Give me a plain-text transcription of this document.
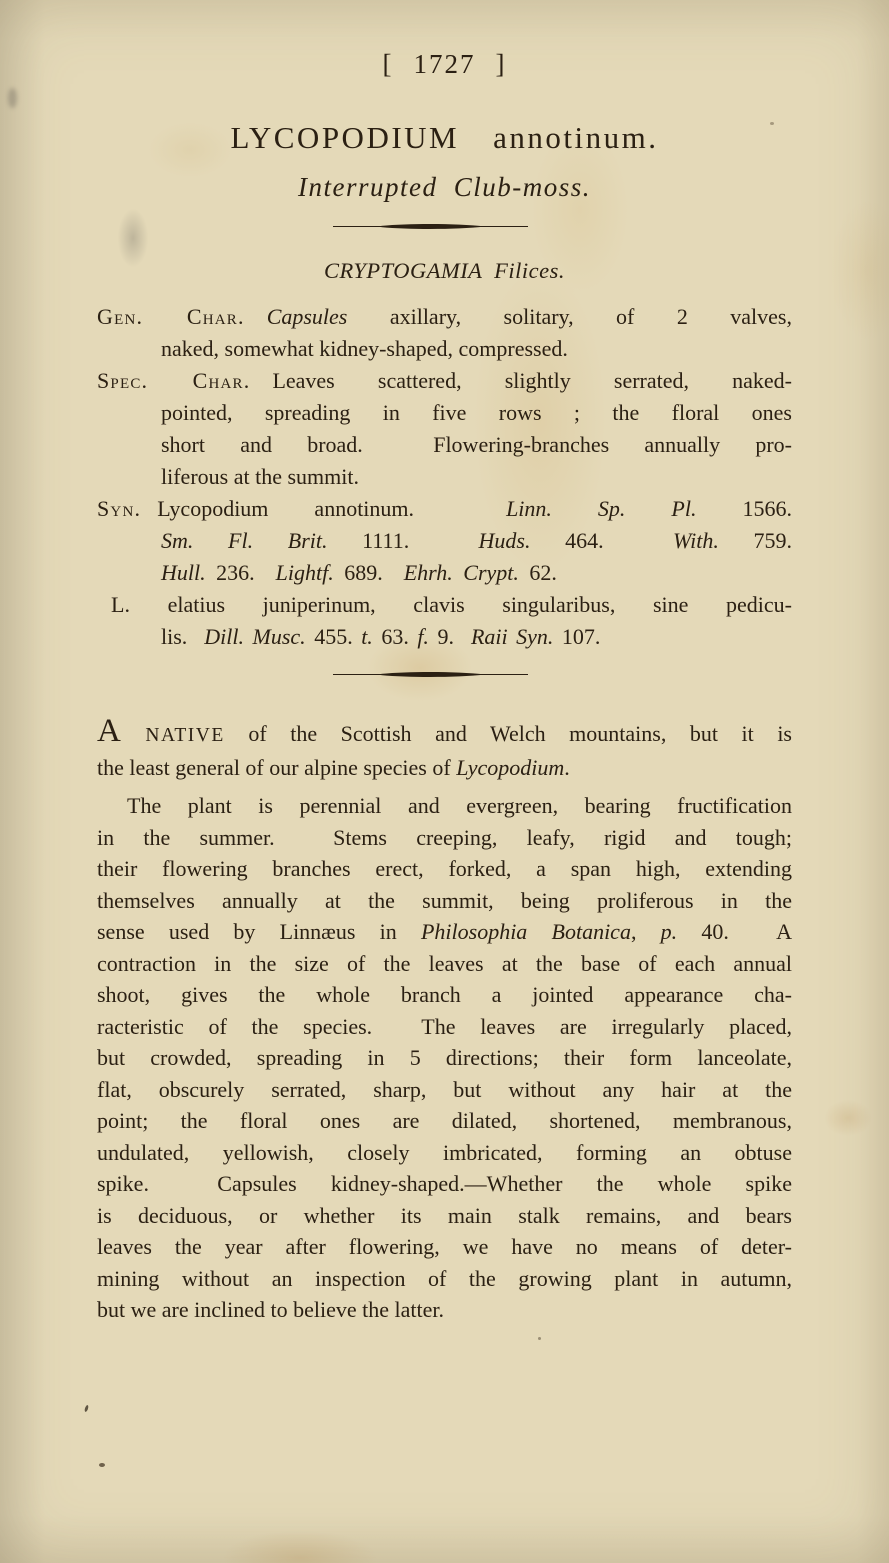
[ 1727 ]
LYCOPODIUM annotinum.
Interrupted Club-moss.
CRYPTOGAMIA Filices.
Gen. Char. Capsules axillary, solitary, of 2 valves,
naked, somewhat kidney-shaped, compressed.
Spec. Char. Leaves scattered, slightly serrated, naked-
pointed, spreading in five rows ; the floral ones
short and broad.  Flowering-branches annually pro-
liferous at the summit.
Syn. Lycopodium annotinum.  Linn. Sp. Pl. 1566.
Sm. Fl. Brit. 1111.  Huds. 464.  With. 759.
Hull. 236.  Lightf. 689.  Ehrh. Crypt. 62.
L. elatius juniperinum, clavis singularibus, sine pedicu-
lis.  Dill. Musc. 455. t. 63. f. 9.  Raii Syn. 107.
A NATIVE of the Scottish and Welch mountains, but it is
the least general of our alpine species of Lycopodium.
The plant is perennial and evergreen, bearing fructification
in the summer.  Stems creeping, leafy, rigid and tough;
their flowering branches erect, forked, a span high, extending
themselves annually at the summit, being proliferous in the
sense used by Linnæus in Philosophia Botanica, p. 40.  A
contraction in the size of the leaves at the base of each annual
shoot, gives the whole branch a jointed appearance cha-
racteristic of the species.  The leaves are irregularly placed,
but crowded, spreading in 5 directions; their form lanceolate,
flat, obscurely serrated, sharp, but without any hair at the
point; the floral ones are dilated, shortened, membranous,
undulated, yellowish, closely imbricated, forming an obtuse
spike.  Capsules kidney-shaped.—Whether the whole spike
is deciduous, or whether its main stalk remains, and bears
leaves the year after flowering, we have no means of deter-
mining without an inspection of the growing plant in autumn,
but we are inclined to believe the latter.
